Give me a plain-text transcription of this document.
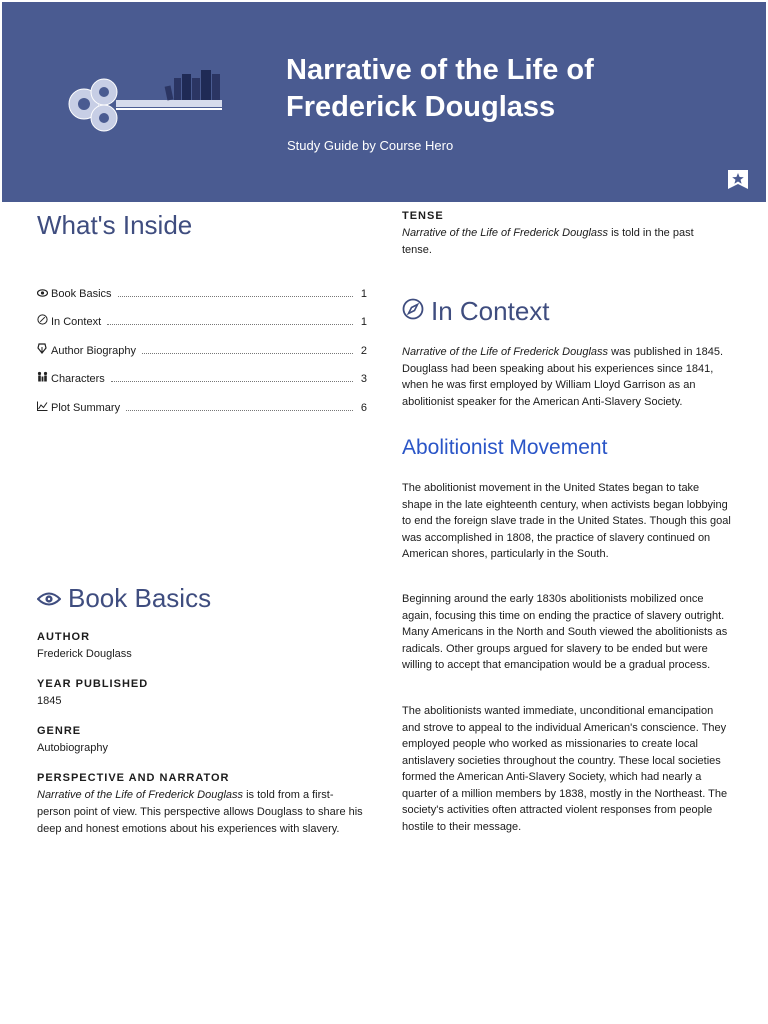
Narrative of the Life of Frederick Douglass
Study Guide by Course Hero
What's Inside
Book Basics	1
In Context	1
Author Biography	2
Characters	3
Plot Summary	6
Book Basics

AUTHOR

Frederick Douglass

YEAR PUBLISHED

1845

GENRE

Autobiography

PERSPECTIVE AND NARRATOR

Narrative of the Life of Frederick Douglass is told from a first-person point of view. This perspective allows Douglass to share his deep and honest emotions about his experiences with slavery.

TENSE
Narrative of the Life of Frederick Douglass is told in the past tense.
In Context

Narrative of the Life of Frederick Douglass was published in 1845. Douglass had been speaking about his experiences since 1841, when he was first employed by William Lloyd Garrison as an abolitionist speaker for the American Anti-Slavery Society.

Abolitionist Movement

The abolitionist movement in the United States began to take shape in the late eighteenth century, when activists began lobbying to end the foreign slave trade in the United States. Though this goal was accomplished in 1808, the practice of slavery continued on American shores, particularly in the South.

Beginning around the early 1830s abolitionists mobilized once again, focusing this time on ending the practice of slavery outright. Many Americans in the North and South viewed the abolitionists as radicals. Other groups argued for slavery to be ended but were willing to accept that emancipation would be a gradual process.

The abolitionists wanted immediate, unconditional emancipation and strove to appeal to the individual American's conscience. They employed people who worked as missionaries to create local antislavery societies throughout the country. These local societies formed the American Anti-Slavery Society, which had nearly a quarter of a million members by 1838, mostly in the Northeast. The society's activities often attracted violent responses from people hostile to their message.
